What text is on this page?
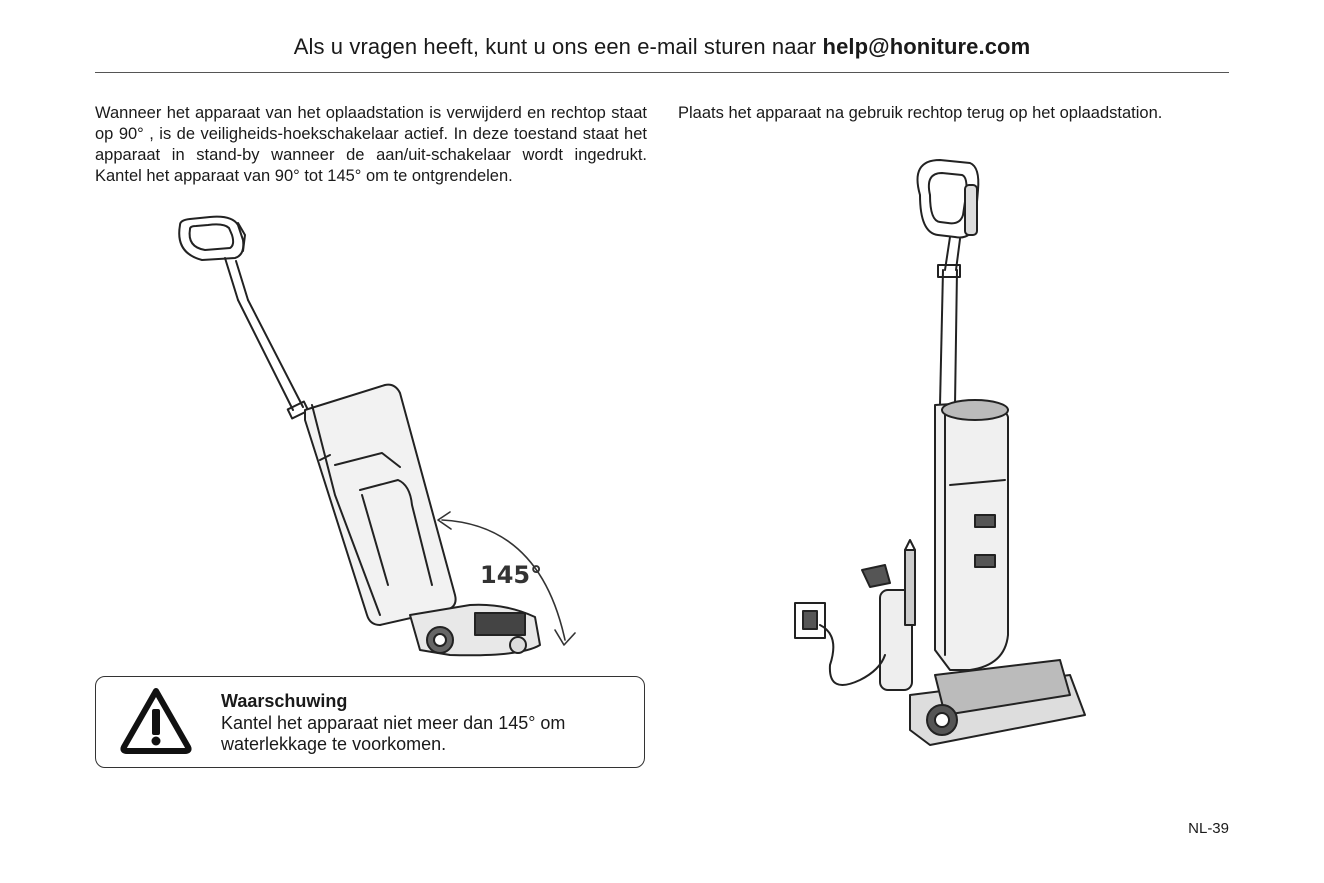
Als u vragen heeft, kunt u ons een e-mail sturen naar help@honiture.com
Wanneer het apparaat van het oplaadstation is verwijderd en rechtop staat op 90° , is de veiligheids-hoekschakelaar actief. In deze toestand staat het apparaat in stand-by wanneer de aan/uit-schakelaar wordt ingedrukt. Kantel het apparaat van 90° tot 145° om te ontgrendelen.
Plaats het apparaat na gebruik rechtop terug op het oplaadstation.
145°
Waarschuwing
Kantel het apparaat niet meer dan 145° om waterlekkage te voorkomen.
NL-39
